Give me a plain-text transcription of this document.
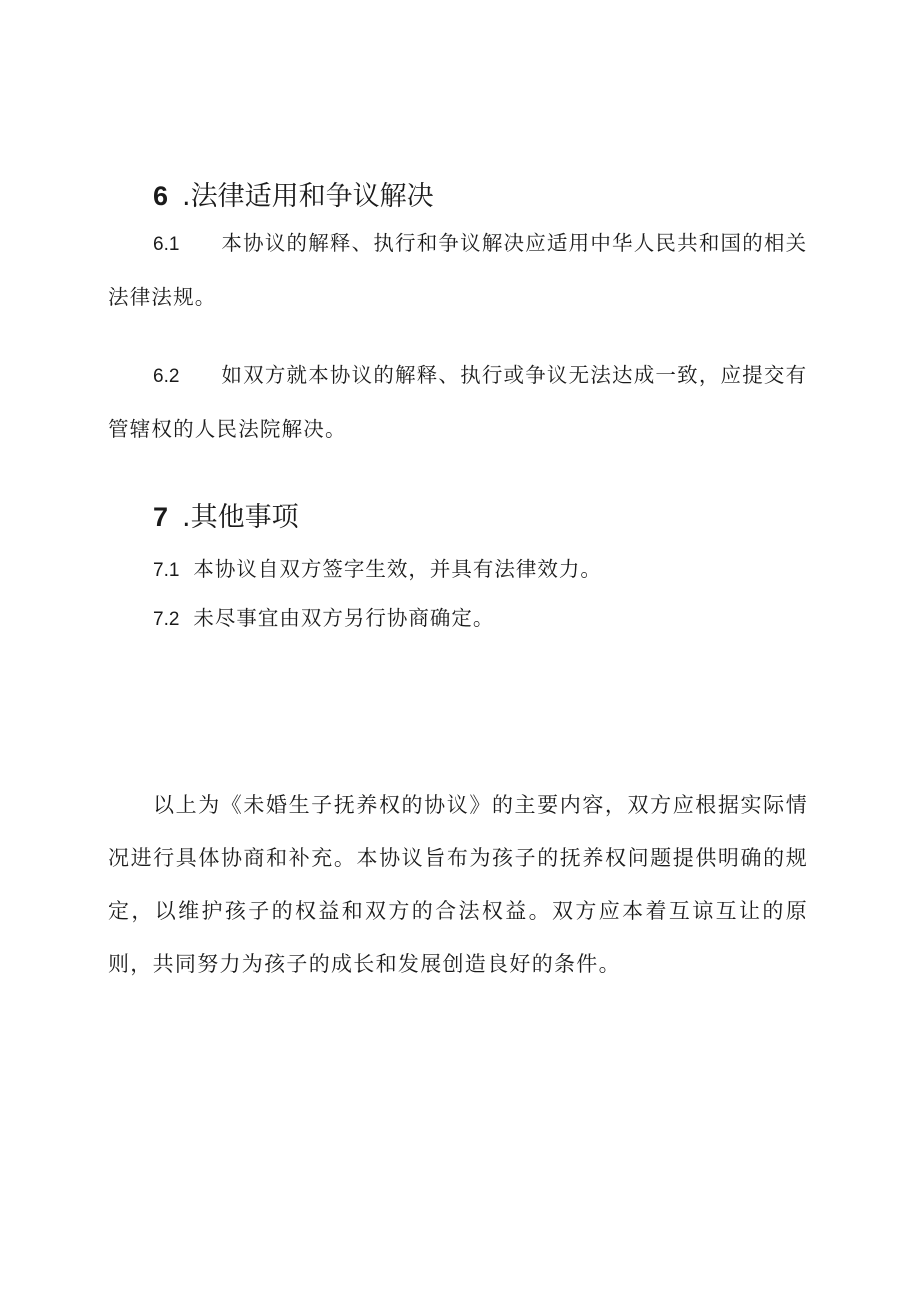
6 .法律适用和争议解决

6.1 本协议的解释、执行和争议解决应适用中华人民共和国的相关法律法规。

6.2 如双方就本协议的解释、执行或争议无法达成一致，应提交有管辖权的人民法院解决。

7 .其他事项

7.1 本协议自双方签字生效，并具有法律效力。

7.2 未尽事宜由双方另行协商确定。

以上为《未婚生子抚养权的协议》的主要内容，双方应根据实际情况进行具体协商和补充。本协议旨布为孩子的抚养权问题提供明确的规定，以维护孩子的权益和双方的合法权益。双方应本着互谅互让的原则，共同努力为孩子的成长和发展创造良好的条件。
